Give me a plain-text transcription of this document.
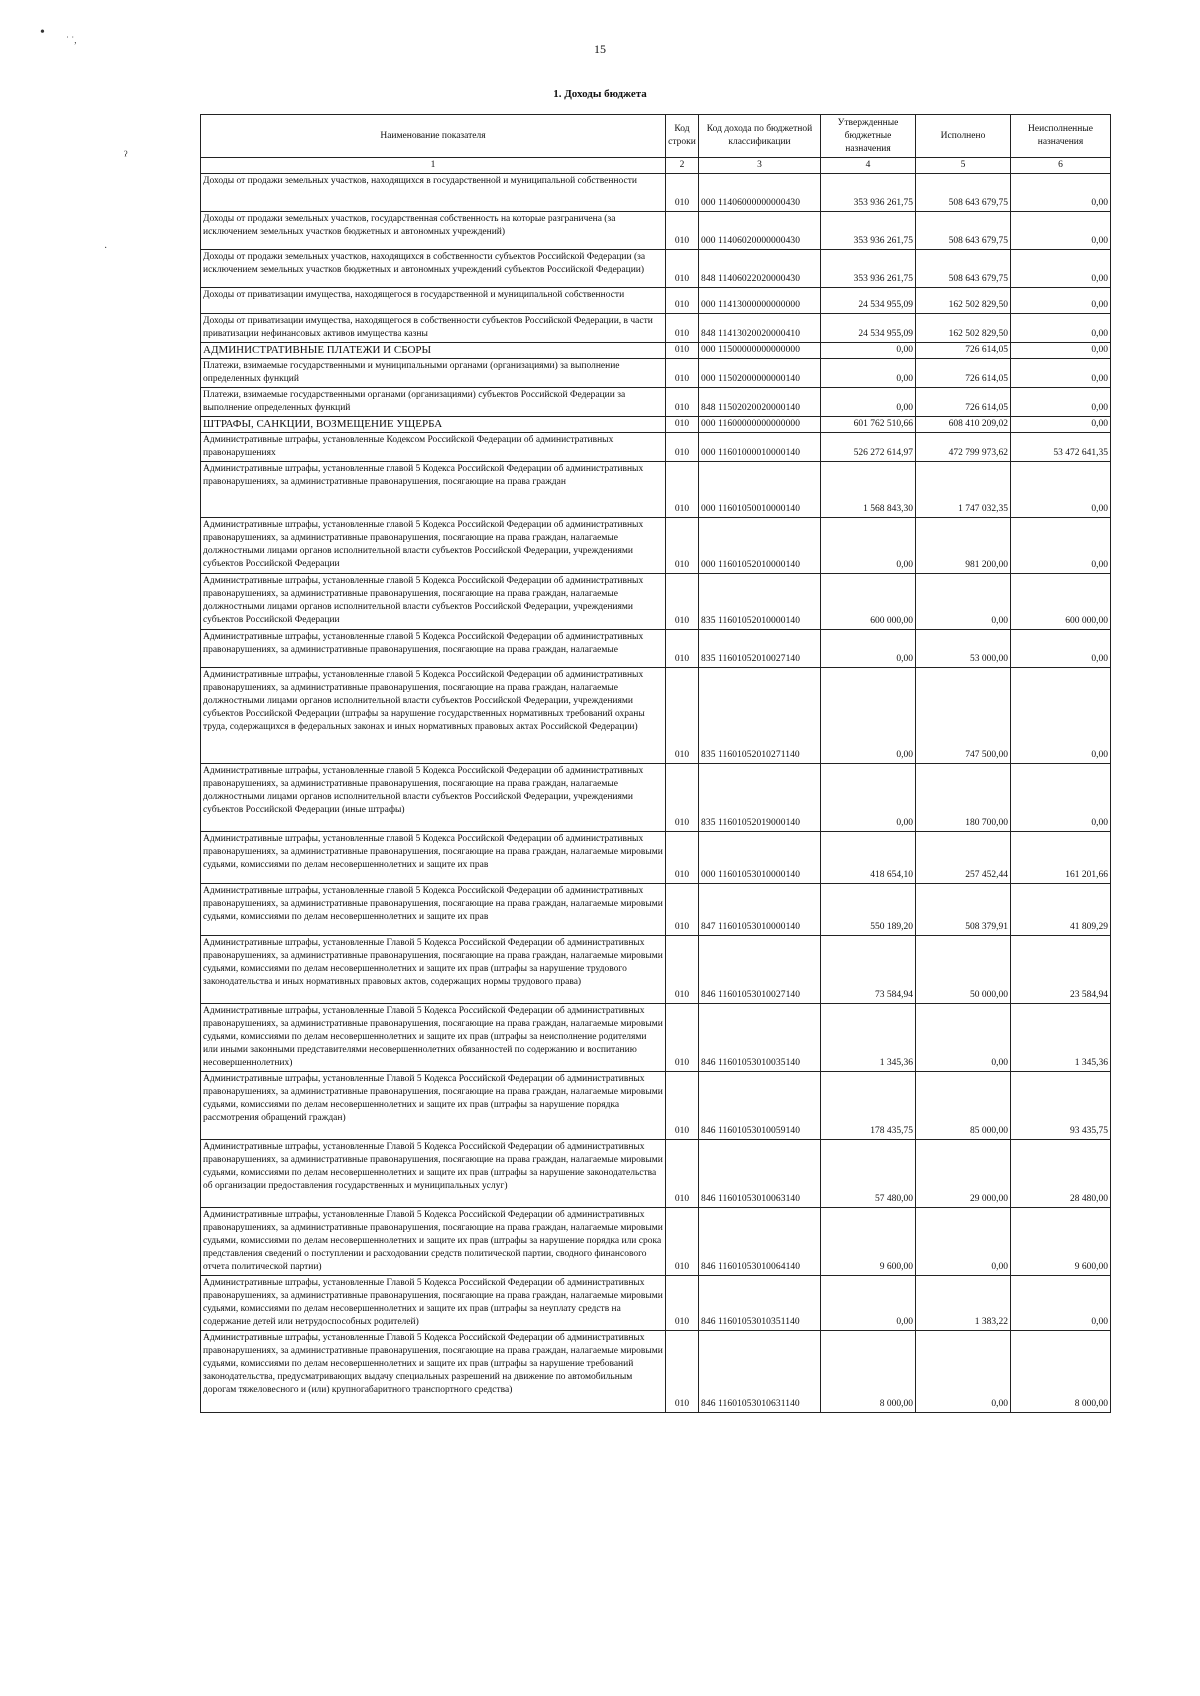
• ˙ ˙,
ˀ
·
15
1. Доходы бюджета
Наименование показателя	Код строки	Код дохода по бюджетной классификации	Утвержденные бюджетные назначения	Исполнено	Неисполненные назначения
1	2	3	4	5	6
Доходы от продажи земельных участков, находящихся в государственной и муниципальной собственности	010	000 11406000000000430	353 936 261,75	508 643 679,75	0,00
Доходы от продажи земельных участков, государственная собственность на которые разграничена (за исключением земельных участков бюджетных и автономных учреждений)	010	000 11406020000000430	353 936 261,75	508 643 679,75	0,00
Доходы от продажи земельных участков, находящихся в собственности субъектов Российской Федерации (за исключением земельных участков бюджетных и автономных учреждений субъектов Российской Федерации)	010	848 11406022020000430	353 936 261,75	508 643 679,75	0,00
Доходы от приватизации имущества, находящегося в государственной и муниципальной собственности	010	000 11413000000000000	24 534 955,09	162 502 829,50	0,00
Доходы от приватизации имущества, находящегося в собственности субъектов Российской Федерации, в части приватизации нефинансовых активов имущества казны	010	848 11413020020000410	24 534 955,09	162 502 829,50	0,00
АДМИНИСТРАТИВНЫЕ ПЛАТЕЖИ И СБОРЫ	010	000 11500000000000000	0,00	726 614,05	0,00
Платежи, взимаемые государственными и муниципальными органами (организациями) за выполнение определенных функций	010	000 11502000000000140	0,00	726 614,05	0,00
Платежи, взимаемые государственными органами (организациями) субъектов Российской Федерации за выполнение определенных функций	010	848 11502020020000140	0,00	726 614,05	0,00
ШТРАФЫ, САНКЦИИ, ВОЗМЕЩЕНИЕ УЩЕРБА	010	000 11600000000000000	601 762 510,66	608 410 209,02	0,00
Административные штрафы, установленные Кодексом Российской Федерации об административных правонарушениях	010	000 11601000010000140	526 272 614,97	472 799 973,62	53 472 641,35
Административные штрафы, установленные главой 5 Кодекса Российской Федерации об административных правонарушениях, за административные правонарушения, посягающие на права граждан	010	000 11601050010000140	1 568 843,30	1 747 032,35	0,00
Административные штрафы, установленные главой 5 Кодекса Российской Федерации об административных правонарушениях, за административные правонарушения, посягающие на права граждан, налагаемые должностными лицами органов исполнительной власти субъектов Российской Федерации, учреждениями субъектов Российской Федерации	010	000 11601052010000140	0,00	981 200,00	0,00
Административные штрафы, установленные главой 5 Кодекса Российской Федерации об административных правонарушениях, за административные правонарушения, посягающие на права граждан, налагаемые должностными лицами органов исполнительной власти субъектов Российской Федерации, учреждениями субъектов Российской Федерации	010	835 11601052010000140	600 000,00	0,00	600 000,00
Административные штрафы, установленные главой 5 Кодекса Российской Федерации об административных правонарушениях, за административные правонарушения, посягающие на права граждан, налагаемые	010	835 11601052010027140	0,00	53 000,00	0,00
Административные штрафы, установленные главой 5 Кодекса Российской Федерации об административных правонарушениях, за административные правонарушения, посягающие на права граждан, налагаемые должностными лицами органов исполнительной власти субъектов Российской Федерации, учреждениями субъектов Российской Федерации (штрафы за нарушение государственных нормативных требований охраны труда, содержащихся в федеральных законах и иных нормативных правовых актах Российской Федерации)	010	835 11601052010271140	0,00	747 500,00	0,00
Административные штрафы, установленные главой 5 Кодекса Российской Федерации об административных правонарушениях, за административные правонарушения, посягающие на права граждан, налагаемые должностными лицами органов исполнительной власти субъектов Российской Федерации, учреждениями субъектов Российской Федерации (иные штрафы)	010	835 11601052019000140	0,00	180 700,00	0,00
Административные штрафы, установленные главой 5 Кодекса Российской Федерации об административных правонарушениях, за административные правонарушения, посягающие на права граждан, налагаемые мировыми судьями, комиссиями по делам несовершеннолетних и защите их прав	010	000 11601053010000140	418 654,10	257 452,44	161 201,66
Административные штрафы, установленные главой 5 Кодекса Российской Федерации об административных правонарушениях, за административные правонарушения, посягающие на права граждан, налагаемые мировыми судьями, комиссиями по делам несовершеннолетних и защите их прав	010	847 11601053010000140	550 189,20	508 379,91	41 809,29
Административные штрафы, установленные Главой 5 Кодекса Российской Федерации об административных правонарушениях, за административные правонарушения, посягающие на права граждан, налагаемые мировыми судьями, комиссиями по делам несовершеннолетних и защите их прав (штрафы за нарушение трудового законодательства и иных нормативных правовых актов, содержащих нормы трудового права)	010	846 11601053010027140	73 584,94	50 000,00	23 584,94
Административные штрафы, установленные Главой 5 Кодекса Российской Федерации об административных правонарушениях, за административные правонарушения, посягающие на права граждан, налагаемые мировыми судьями, комиссиями по делам несовершеннолетних и защите их прав (штрафы за неисполнение родителями или иными законными представителями несовершеннолетних обязанностей по содержанию и воспитанию несовершеннолетних)	010	846 11601053010035140	1 345,36	0,00	1 345,36
Административные штрафы, установленные Главой 5 Кодекса Российской Федерации об административных правонарушениях, за административные правонарушения, посягающие на права граждан, налагаемые мировыми судьями, комиссиями по делам несовершеннолетних и защите их прав (штрафы за нарушение порядка рассмотрения обращений граждан)	010	846 11601053010059140	178 435,75	85 000,00	93 435,75
Административные штрафы, установленные Главой 5 Кодекса Российской Федерации об административных правонарушениях, за административные правонарушения, посягающие на права граждан, налагаемые мировыми судьями, комиссиями по делам несовершеннолетних и защите их прав (штрафы за нарушение законодательства об организации предоставления государственных и муниципальных услуг)	010	846 11601053010063140	57 480,00	29 000,00	28 480,00
Административные штрафы, установленные Главой 5 Кодекса Российской Федерации об административных правонарушениях, за административные правонарушения, посягающие на права граждан, налагаемые мировыми судьями, комиссиями по делам несовершеннолетних и защите их прав (штрафы за нарушение порядка или срока представления сведений о поступлении и расходовании средств политической партии, сводного финансового отчета политической партии)	010	846 11601053010064140	9 600,00	0,00	9 600,00
Административные штрафы, установленные Главой 5 Кодекса Российской Федерации об административных правонарушениях, за административные правонарушения, посягающие на права граждан, налагаемые мировыми судьями, комиссиями по делам несовершеннолетних и защите их прав (штрафы за неуплату средств на содержание детей или нетрудоспособных родителей)	010	846 11601053010351140	0,00	1 383,22	0,00
Административные штрафы, установленные Главой 5 Кодекса Российской Федерации об административных правонарушениях, за административные правонарушения, посягающие на права граждан, налагаемые мировыми судьями, комиссиями по делам несовершеннолетних и защите их прав (штрафы за нарушение требований законодательства, предусматривающих выдачу специальных разрешений на движение по автомобильным дорогам тяжеловесного и (или) крупногабаритного транспортного средства)	010	846 11601053010631140	8 000,00	0,00	8 000,00
